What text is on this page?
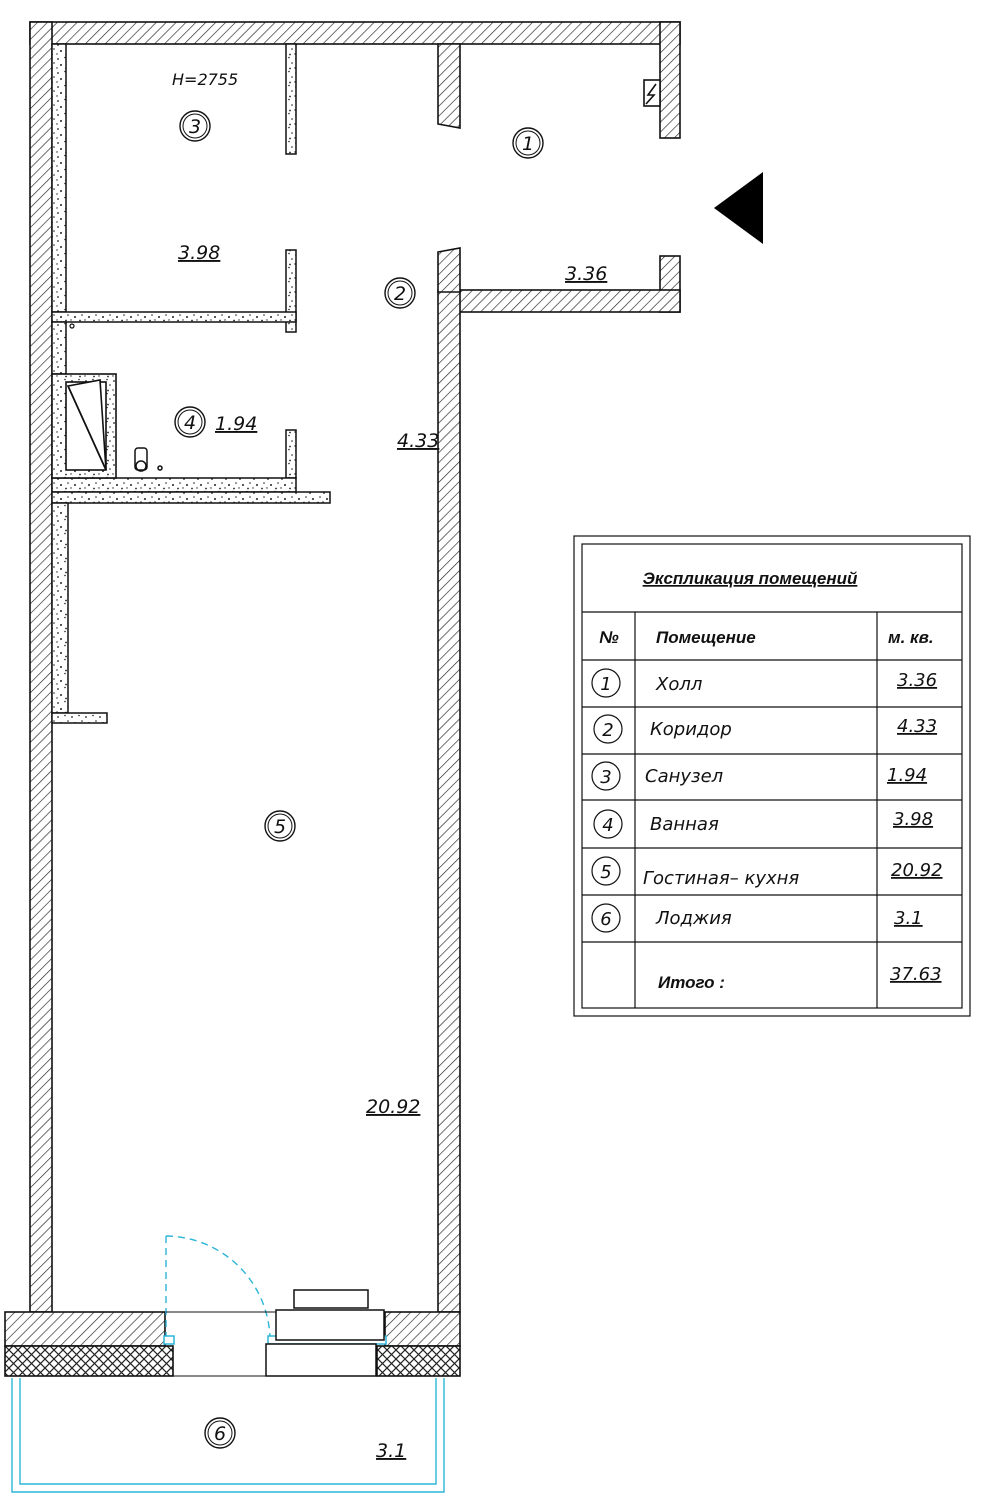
H=2755
1
2
3
4
5
6
3.36
4.33
3.98
1.94
20.92
3.1
Экспликация помещений
№ Помещение	м. кв.
1 Холл	3.36
2 Коридор	4.33
3 Санузел	1.94
4 Ванная	3.98
5 Гостиная– кухня	20.92
6 Лоджия	3.1
Итого :	37.63
